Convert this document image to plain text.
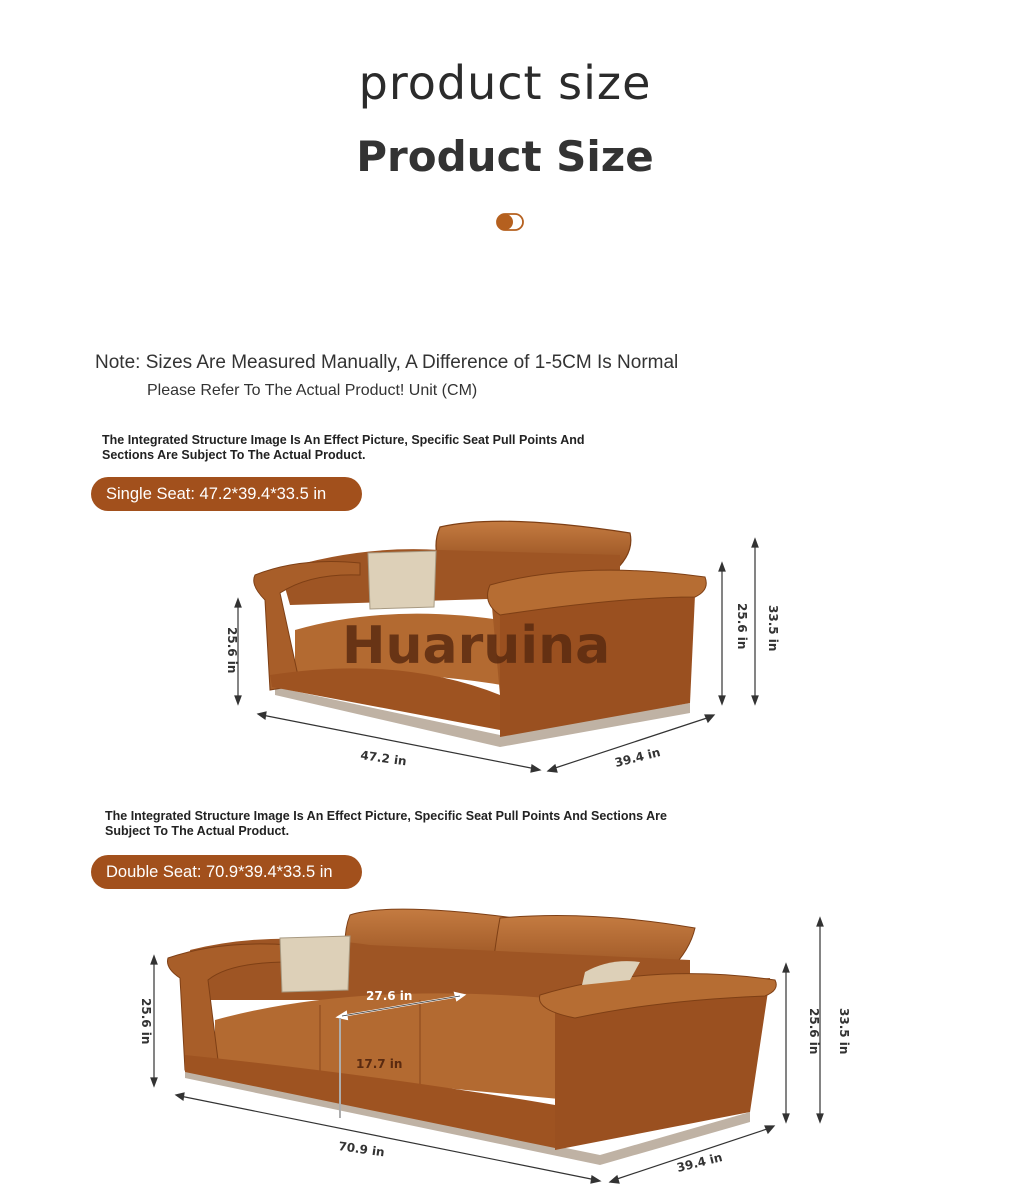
product size
Product Size
Note: Sizes Are Measured Manually, A Difference of 1-5CM Is Normal
Please Refer To The Actual Product! Unit (CM)
The Integrated Structure Image Is An Effect Picture, Specific Seat Pull Points And Sections Are Subject To The Actual Product.
Single Seat: 47.2*39.4*33.5 in
Huaruina
25.6 in
25.6 in 33.5 in
47.2 in	39.4 in
The Integrated Structure Image Is An Effect Picture, Specific Seat Pull Points And Sections Are Subject To The Actual Product.
Double Seat: 70.9*39.4*33.5 in
27.6 in
17.7 in
25.6 in	25.6 in 33.5 in
70.9 in
39.4 in
